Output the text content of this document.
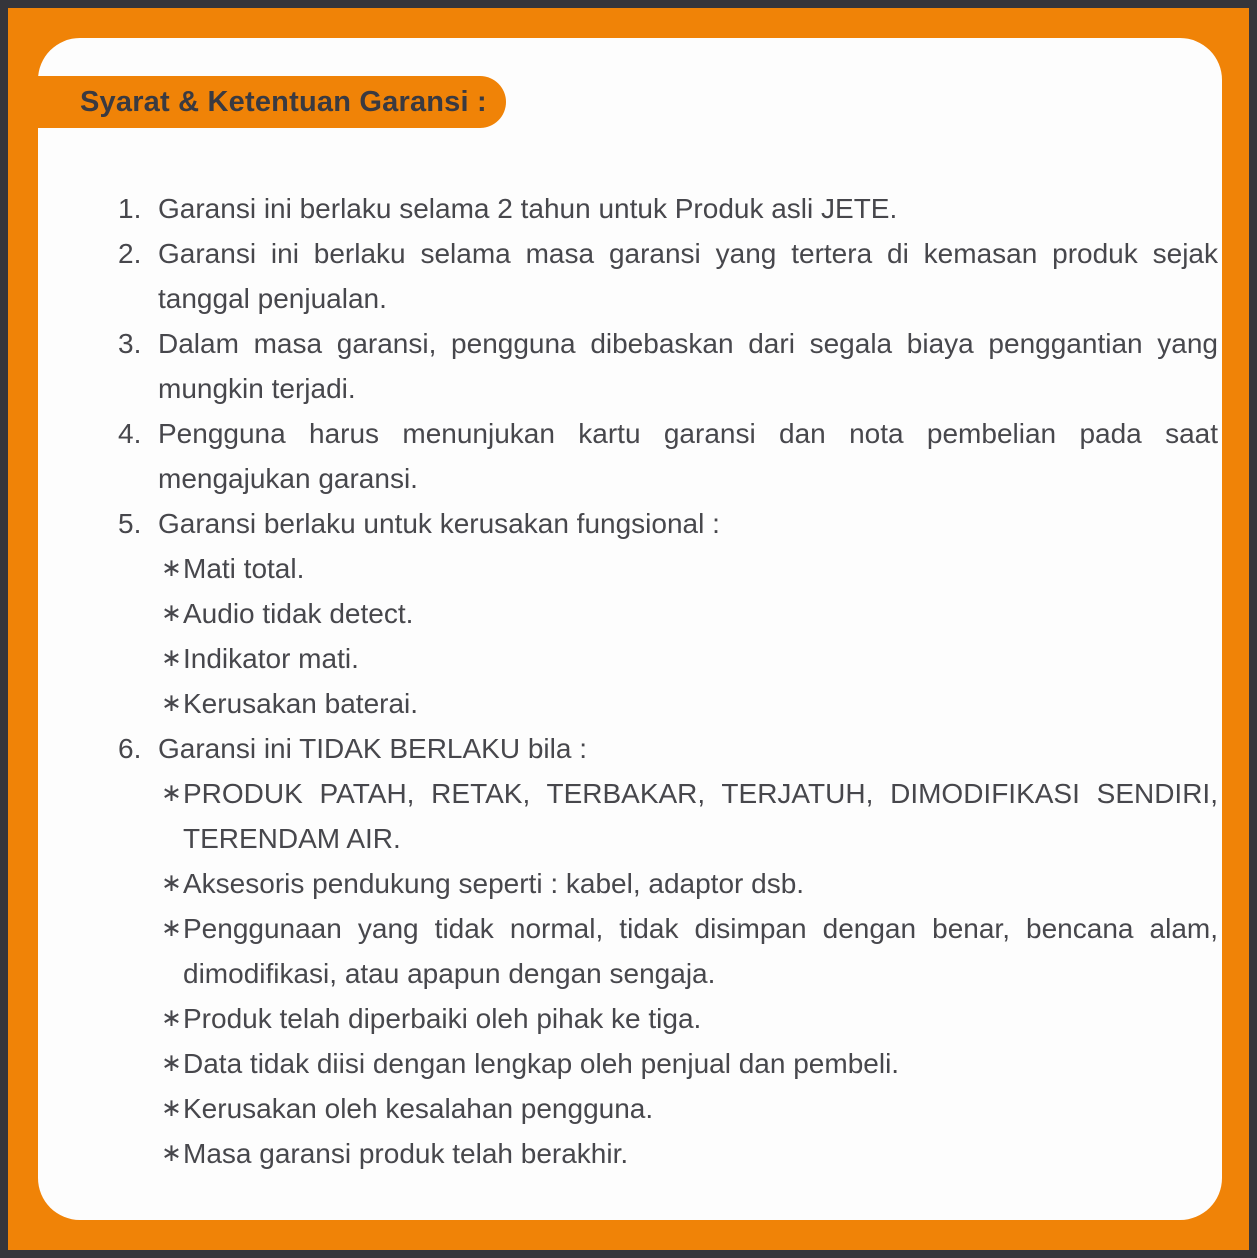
1. Garansi ini berlaku selama 2 tahun untuk Produk asli JETE.
2. Garansi ini berlaku selama masa garansi yang tertera di kemasan produk sejak tanggal penjualan.
3. Dalam masa garansi, pengguna dibebaskan dari segala biaya penggantian yang mungkin terjadi.
4. Pengguna harus menunjukan kartu garansi dan nota pembelian pada saat mengajukan garansi.
5. Garansi berlaku untuk kerusakan fungsional :
∗ Mati total.
∗ Audio tidak detect.
∗ Indikator mati.
∗ Kerusakan baterai.
6. Garansi ini TIDAK BERLAKU bila :
∗ PRODUK PATAH, RETAK, TERBAKAR, TERJATUH, DIMODIFIKASI SENDIRI, TERENDAM AIR.
∗ Aksesoris pendukung seperti : kabel, adaptor dsb.
∗ Penggunaan yang tidak normal, tidak disimpan dengan benar, bencana alam, dimodifikasi, atau apapun dengan sengaja.
∗ Produk telah diperbaiki oleh pihak ke tiga.
∗ Data tidak diisi dengan lengkap oleh penjual dan pembeli.
∗ Kerusakan oleh kesalahan pengguna.
∗ Masa garansi produk telah berakhir.
Syarat & Ketentuan Garansi :
